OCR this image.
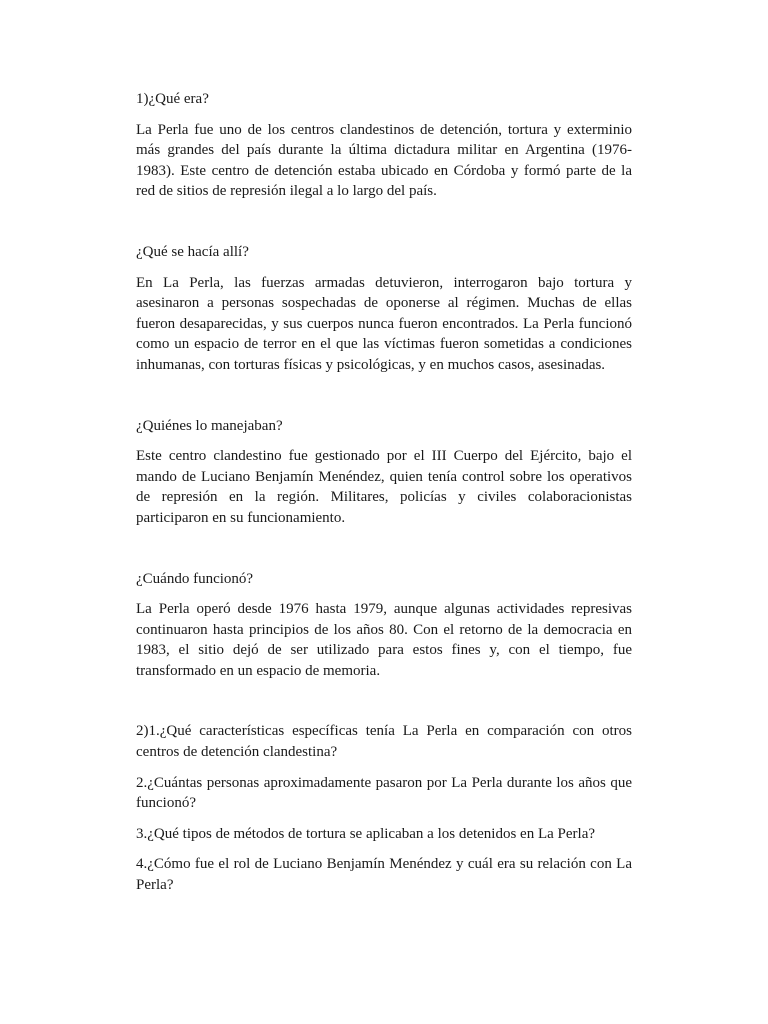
1)¿Qué era?

La Perla fue uno de los centros clandestinos de detención, tortura y exterminio más grandes del país durante la última dictadura militar en Argentina (1976-1983). Este centro de detención estaba ubicado en Córdoba y formó parte de la red de sitios de represión ilegal a lo largo del país.

¿Qué se hacía allí?

En La Perla, las fuerzas armadas detuvieron, interrogaron bajo tortura y asesinaron a personas sospechadas de oponerse al régimen. Muchas de ellas fueron desaparecidas, y sus cuerpos nunca fueron encontrados. La Perla funcionó como un espacio de terror en el que las víctimas fueron sometidas a condiciones inhumanas, con torturas físicas y psicológicas, y en muchos casos, asesinadas.

¿Quiénes lo manejaban?

Este centro clandestino fue gestionado por el III Cuerpo del Ejército, bajo el mando de Luciano Benjamín Menéndez, quien tenía control sobre los operativos de represión en la región. Militares, policías y civiles colaboracionistas participaron en su funcionamiento.

¿Cuándo funcionó?

La Perla operó desde 1976 hasta 1979, aunque algunas actividades represivas continuaron hasta principios de los años 80. Con el retorno de la democracia en 1983, el sitio dejó de ser utilizado para estos fines y, con el tiempo, fue transformado en un espacio de memoria.

2)1.¿Qué características específicas tenía La Perla en comparación con otros centros de detención clandestina?

2.¿Cuántas personas aproximadamente pasaron por La Perla durante los años que funcionó?

3.¿Qué tipos de métodos de tortura se aplicaban a los detenidos en La Perla?

4.¿Cómo fue el rol de Luciano Benjamín Menéndez y cuál era su relación con La Perla?
